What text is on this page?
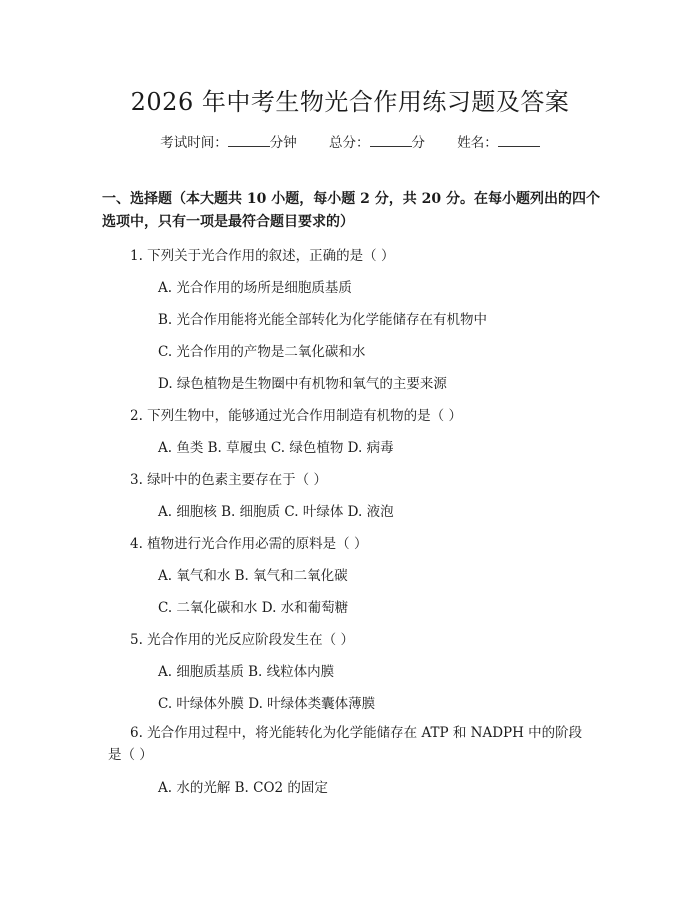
2026 年中考生物光合作用练习题及答案
考试时间：	分钟 总分：	分 姓名：
一、选择题（本大题共 10 小题，每小题 2 分，共 20 分。在每小题列出的四个选项中，只有一项是最符合题目要求的）
1. 下列关于光合作用的叙述，正确的是（ ）
A. 光合作用的场所是细胞质基质
B. 光合作用能将光能全部转化为化学能储存在有机物中
C. 光合作用的产物是二氧化碳和水
D. 绿色植物是生物圈中有机物和氧气的主要来源
2. 下列生物中，能够通过光合作用制造有机物的是（ ）
A. 鱼类 B. 草履虫 C. 绿色植物 D. 病毒
3. 绿叶中的色素主要存在于（ ）
A. 细胞核 B. 细胞质 C. 叶绿体 D. 液泡
4. 植物进行光合作用必需的原料是（ ）
A. 氧气和水 B. 氧气和二氧化碳
C. 二氧化碳和水 D. 水和葡萄糖
5. 光合作用的光反应阶段发生在（ ）
A. 细胞质基质 B. 线粒体内膜
C. 叶绿体外膜 D. 叶绿体类囊体薄膜
6. 光合作用过程中，将光能转化为化学能储存在 ATP 和 NADPH 中的阶段是（ ）
A. 水的光解 B. CO2 的固定
